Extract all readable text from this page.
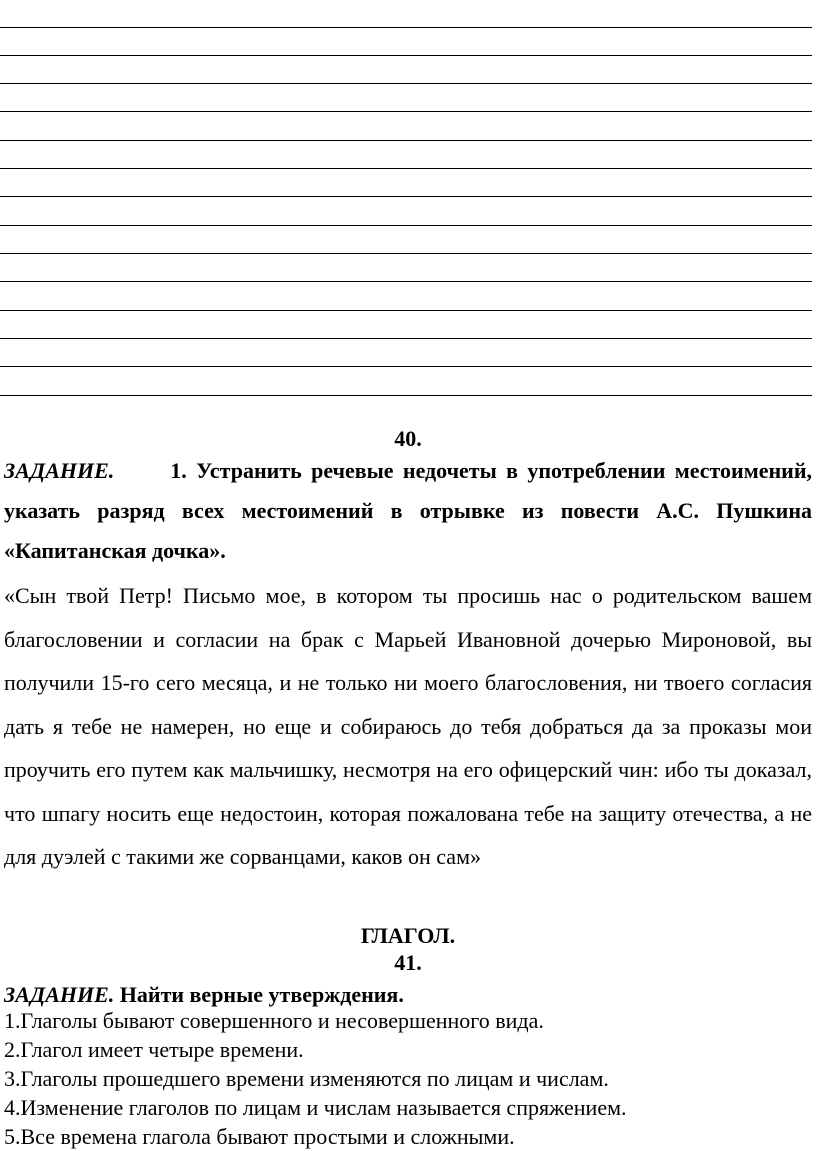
40.
ЗАДАНИЕ.	1. Устранить речевые недочеты в употреблении местоимений, указать разряд всех местоимений в отрывке из повести А.С. Пушкина «Капитанская дочка».
«Сын твой Петр! Письмо мое, в котором ты просишь нас о родительском вашем благословении и согласии на брак с Марьей Ивановной дочерью Мироновой, вы получили 15-го сего месяца, и не только ни моего благословения, ни твоего согласия дать я тебе не намерен, но еще и собираюсь до тебя добраться да за проказы мои проучить его путем как мальчишку, несмотря на его офицерский чин: ибо ты доказал, что шпагу носить еще недостоин, которая пожалована тебе на защиту отечества, а не для дуэлей с такими же сорванцами, каков он сам»
ГЛАГОЛ.
41.
ЗАДАНИЕ. Найти верные утверждения.
1.Глаголы бывают совершенного и несовершенного вида.
2.Глагол имеет четыре времени.
3.Глаголы прошедшего времени изменяются по лицам и числам.
4.Изменение глаголов по лицам и числам называется спряжением.
5.Все времена глагола бывают простыми и сложными.
